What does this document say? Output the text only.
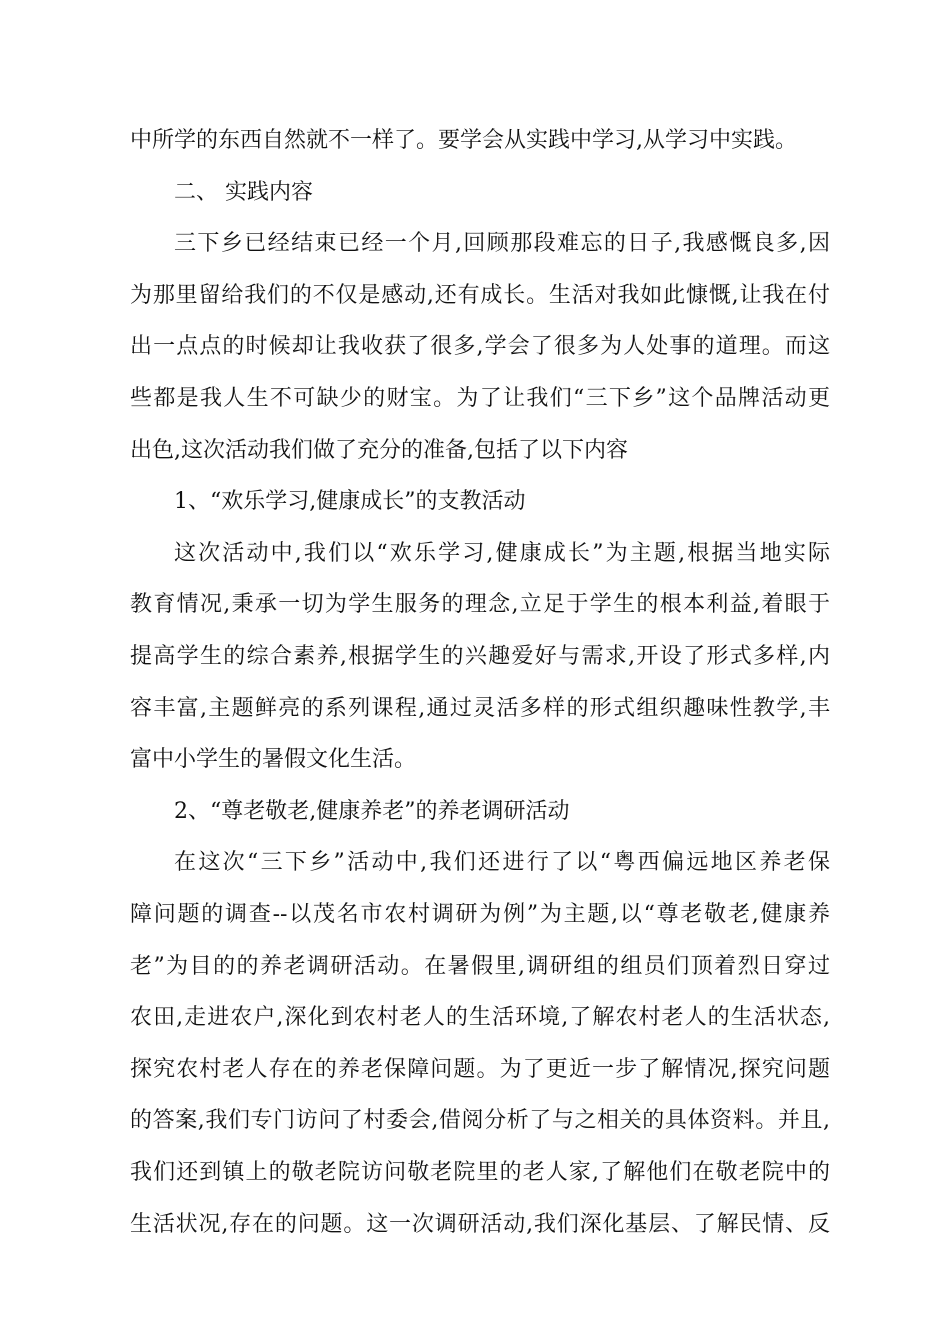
中所学的东西自然就不一样了。要学会从实践中学习,从学习中实践。
二、 实践内容
三下乡已经结束已经一个月,回顾那段难忘的日子,我感慨良多,因
为那里留给我们的不仅是感动,还有成长。生活对我如此慷慨,让我在付
出一点点的时候却让我收获了很多,学会了很多为人处事的道理。而这
些都是我人生不可缺少的财宝。为了让我们“三下乡”这个品牌活动更
出色,这次活动我们做了充分的准备,包括了以下内容
1、“欢乐学习,健康成长”的支教活动
这次活动中,我们以“欢乐学习,健康成长”为主题,根据当地实际
教育情况,秉承一切为学生服务的理念,立足于学生的根本利益,着眼于
提高学生的综合素养,根据学生的兴趣爱好与需求,开设了形式多样,内
容丰富,主题鲜亮的系列课程,通过灵活多样的形式组织趣味性教学,丰
富中小学生的暑假文化生活。
2、“尊老敬老,健康养老”的养老调研活动
在这次“三下乡”活动中,我们还进行了以“粤西偏远地区养老保
障问题的调查--以茂名市农村调研为例”为主题,以“尊老敬老,健康养
老”为目的的养老调研活动。在暑假里,调研组的组员们顶着烈日穿过
农田,走进农户,深化到农村老人的生活环境,了解农村老人的生活状态,
探究农村老人存在的养老保障问题。为了更近一步了解情况,探究问题
的答案,我们专门访问了村委会,借阅分析了与之相关的具体资料。并且,
我们还到镇上的敬老院访问敬老院里的老人家,了解他们在敬老院中的
生活状况,存在的问题。这一次调研活动,我们深化基层、了解民情、反
